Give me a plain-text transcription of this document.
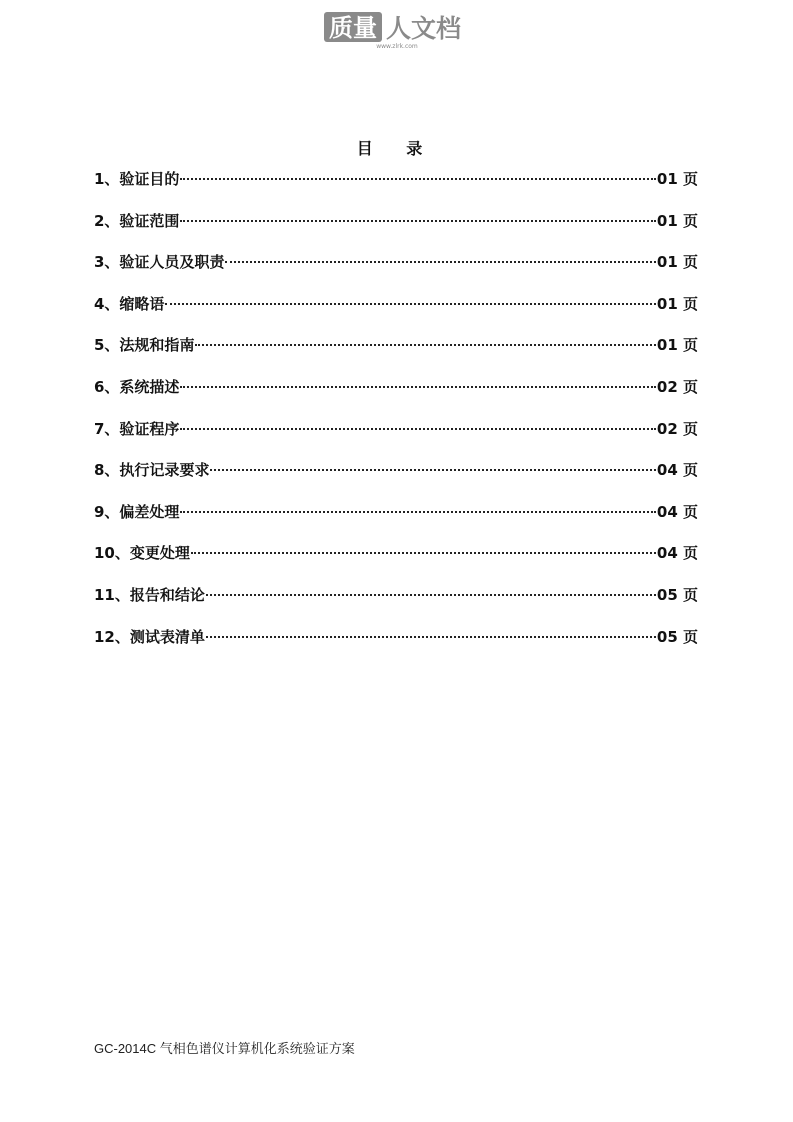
质量 人文档
www.zlrk.com
目 录
1、验证目的	01 页
2、验证范围	01 页
3、验证人员及职责	01 页
4、缩略语	01 页
5、法规和指南	01 页
6、系统描述	02 页
7、验证程序	02 页
8、执行记录要求	04 页
9、偏差处理	04 页
10、变更处理	04 页
11、报告和结论	05 页
12、测试表清单	05 页
GC-2014C 气相色谱仪计算机化系统验证方案
